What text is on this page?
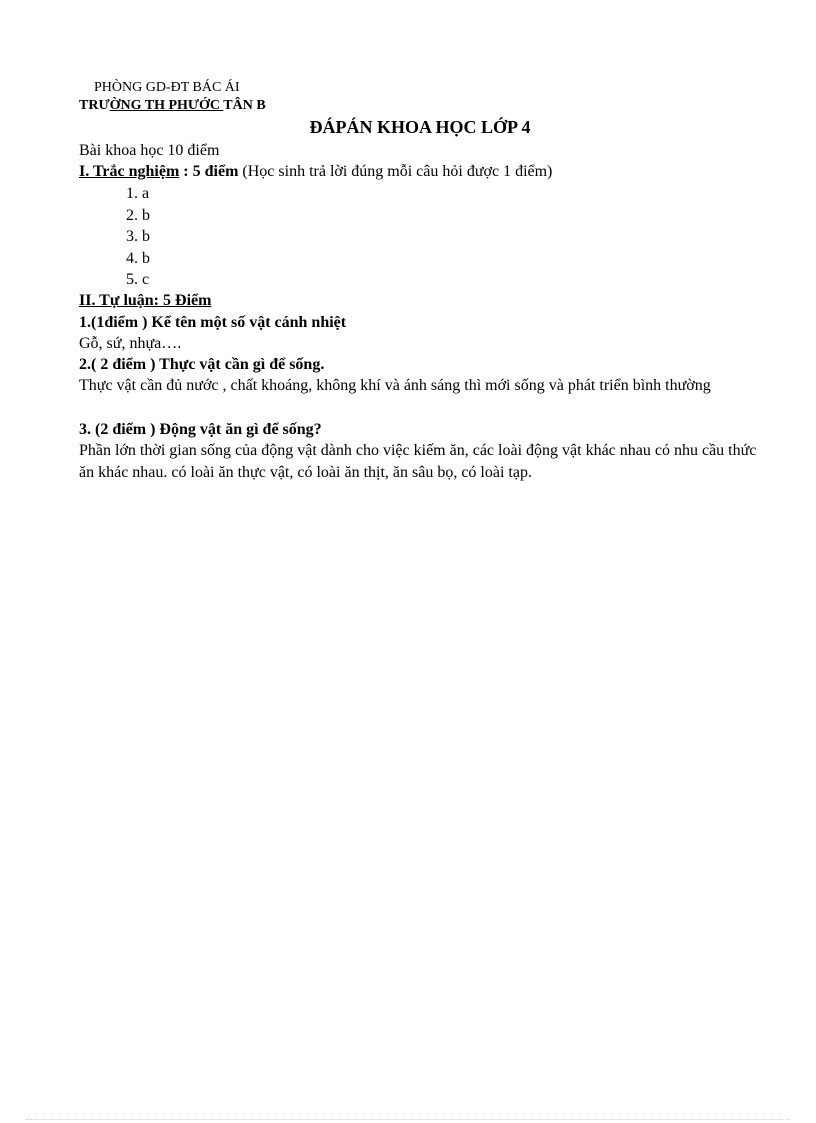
PHÒNG GD-ĐT BÁC ÁI
TRƯỜNG TH PHƯỚC TÂN B
ĐÁPÁN KHOA HỌC LỚP 4
Bài khoa học 10 điểm
I. Trắc nghiệm : 5 điểm (Học sinh trả lời đúng mỗi câu hỏi được 1 điểm)
1. a
2. b
3. b
4. b
5. c
II. Tự luận: 5 Điểm
1.(1điểm ) Kể tên một số vật cánh nhiệt
Gỗ, sứ, nhựa….
2.( 2 điểm ) Thực vật cần gì để sống.
Thực vật cần đủ nước , chất khoáng, không khí và ánh sáng thì mới sống và phát triển bình thường
3. (2 điểm ) Động vật ăn gì để sống?
Phần lớn thời gian sống của động vật dành cho việc kiếm ăn, các loài động vật khác nhau có nhu cầu thức ăn khác nhau. có loài ăn thực vật, có loài ăn thịt, ăn sâu bọ, có loài tạp.
